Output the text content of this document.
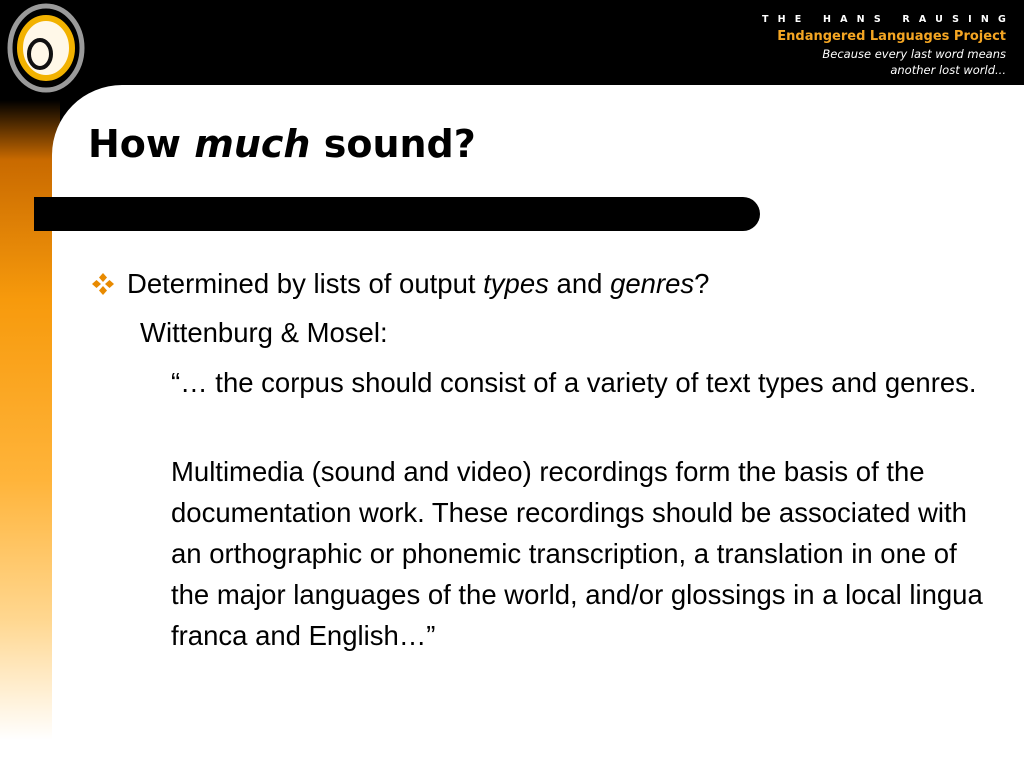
THE HANS RAUSING
Endangered Languages Project
Because every last word means
another lost world...
How much sound?
Determined by lists of output types and genres?
Wittenburg & Mosel:
“… the corpus should consist of a variety of text types and genres.
Multimedia (sound and video) recordings form the basis of the documentation work. These recordings should be associated with an orthographic or phonemic transcription, a translation in one of the major languages of the world, and/or glossings in a local lingua franca and English…”
